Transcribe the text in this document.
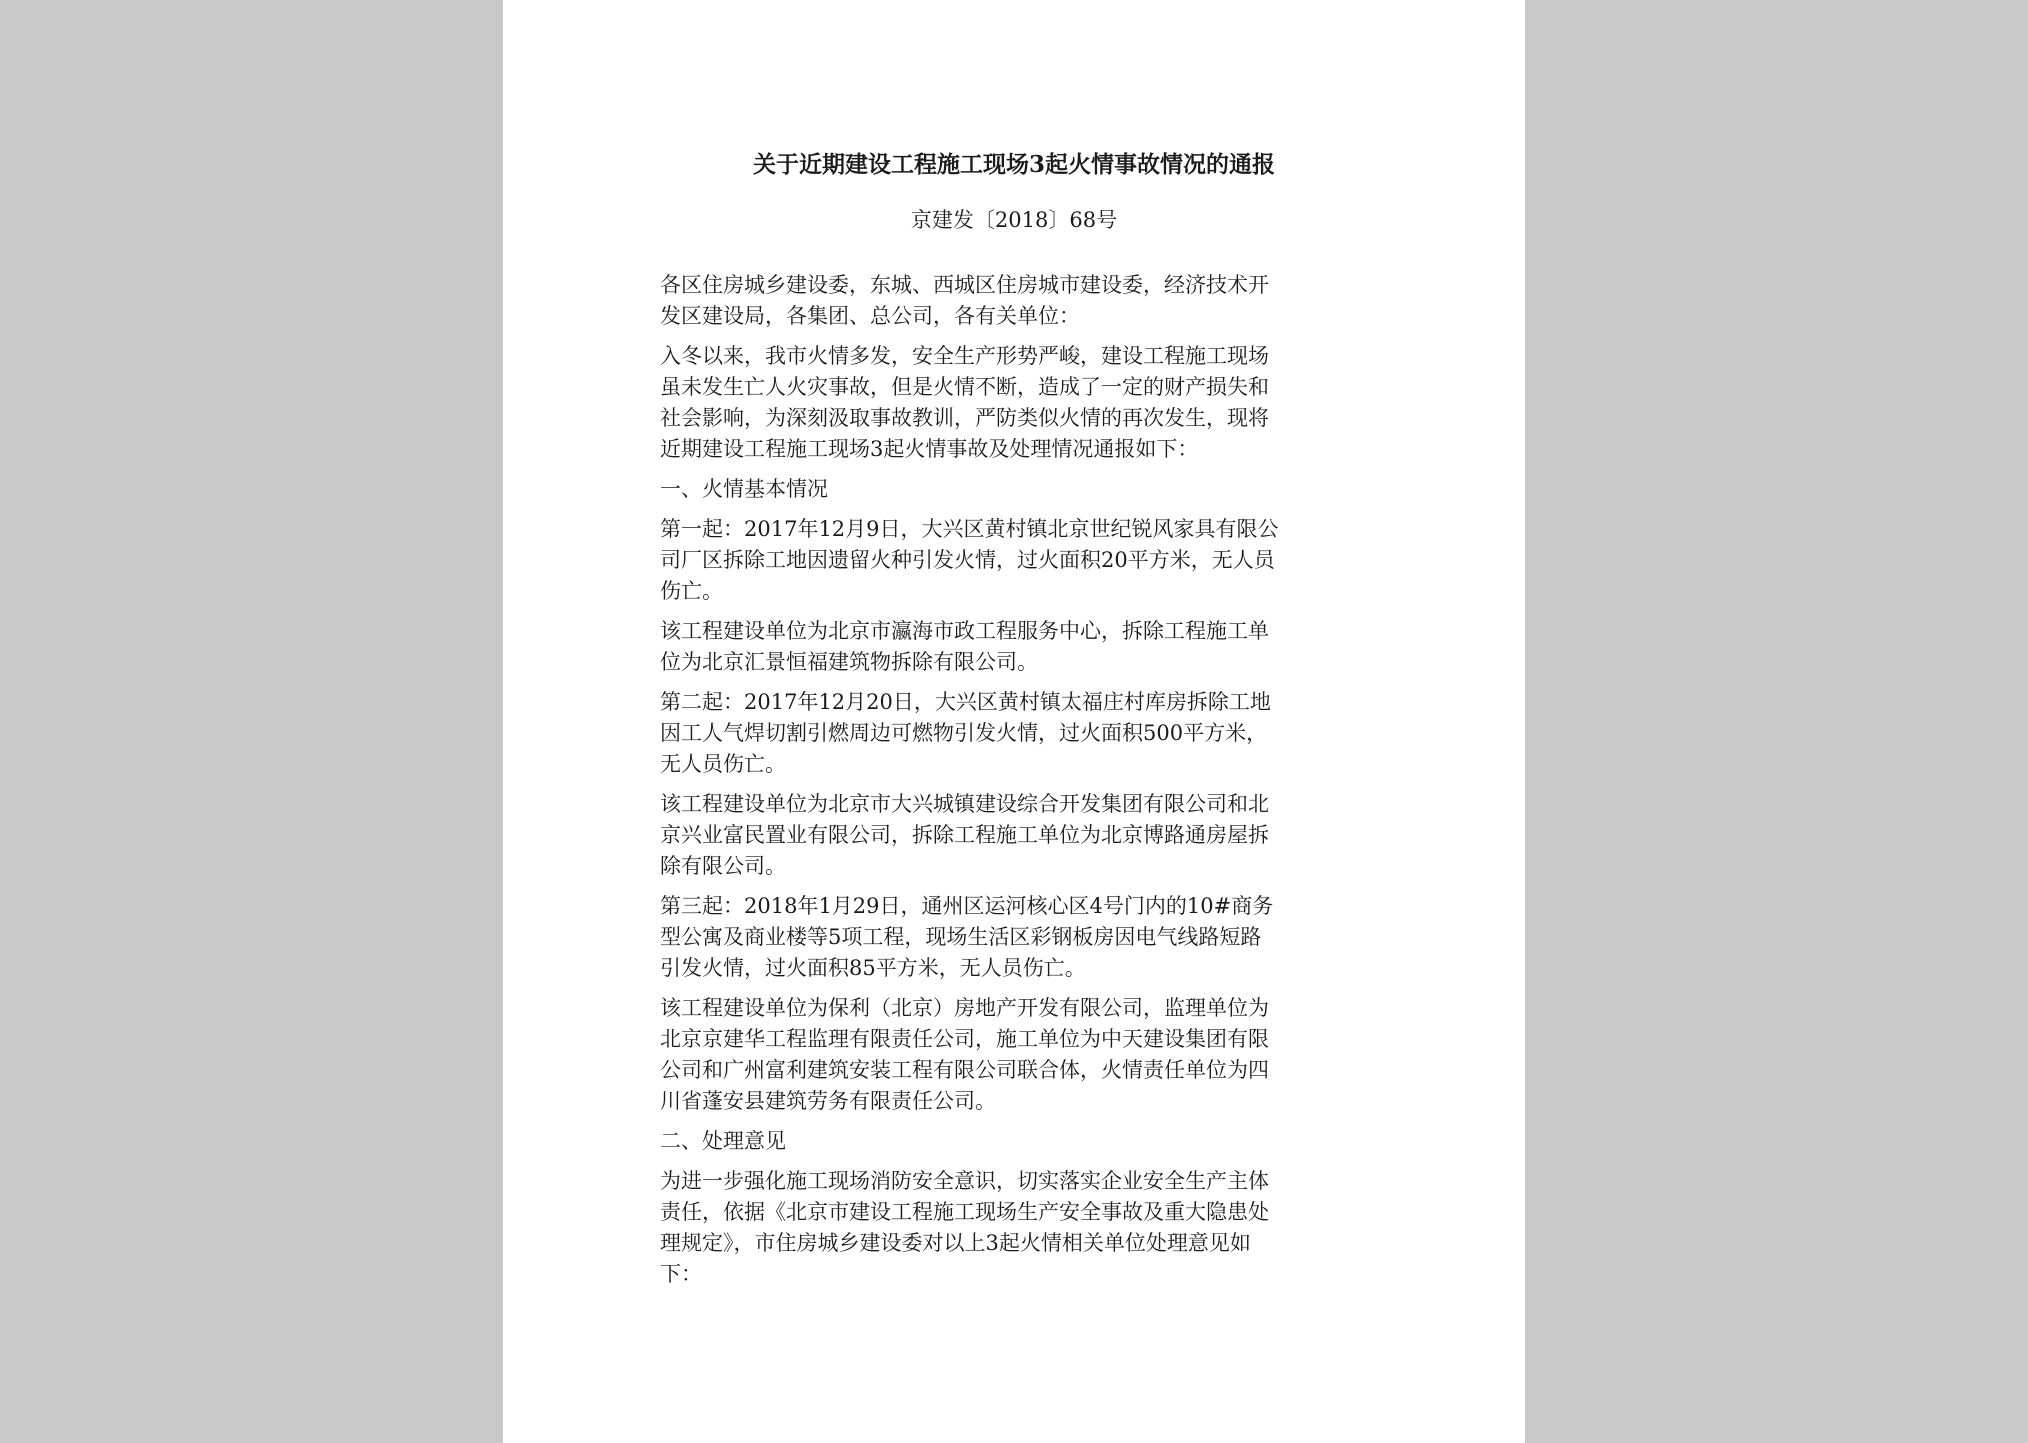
关于近期建设工程施工现场3起火情事故情况的通报
京建发〔2018〕68号
各区住房城乡建设委，东城、西城区住房城市建设委，经济技术开
发区建设局，各集团、总公司，各有关单位：
入冬以来，我市火情多发，安全生产形势严峻，建设工程施工现场
虽未发生亡人火灾事故，但是火情不断，造成了一定的财产损失和
社会影响，为深刻汲取事故教训，严防类似火情的再次发生，现将
近期建设工程施工现场3起火情事故及处理情况通报如下：
一、火情基本情况
第一起：2017年12月9日，大兴区黄村镇北京世纪锐风家具有限公
司厂区拆除工地因遗留火种引发火情，过火面积20平方米，无人员
伤亡。
该工程建设单位为北京市瀛海市政工程服务中心，拆除工程施工单
位为北京汇景恒福建筑物拆除有限公司。
第二起：2017年12月20日，大兴区黄村镇太福庄村库房拆除工地
因工人气焊切割引燃周边可燃物引发火情，过火面积500平方米，
无人员伤亡。
该工程建设单位为北京市大兴城镇建设综合开发集团有限公司和北
京兴业富民置业有限公司，拆除工程施工单位为北京博路通房屋拆
除有限公司。
第三起：2018年1月29日，通州区运河核心区4号门内的10#商务
型公寓及商业楼等5项工程，现场生活区彩钢板房因电气线路短路
引发火情，过火面积85平方米，无人员伤亡。
该工程建设单位为保利（北京）房地产开发有限公司，监理单位为
北京京建华工程监理有限责任公司，施工单位为中天建设集团有限
公司和广州富利建筑安装工程有限公司联合体，火情责任单位为四
川省蓬安县建筑劳务有限责任公司。
二、处理意见
为进一步强化施工现场消防安全意识，切实落实企业安全生产主体
责任，依据《北京市建设工程施工现场生产安全事故及重大隐患处
理规定》，市住房城乡建设委对以上3起火情相关单位处理意见如
下：
